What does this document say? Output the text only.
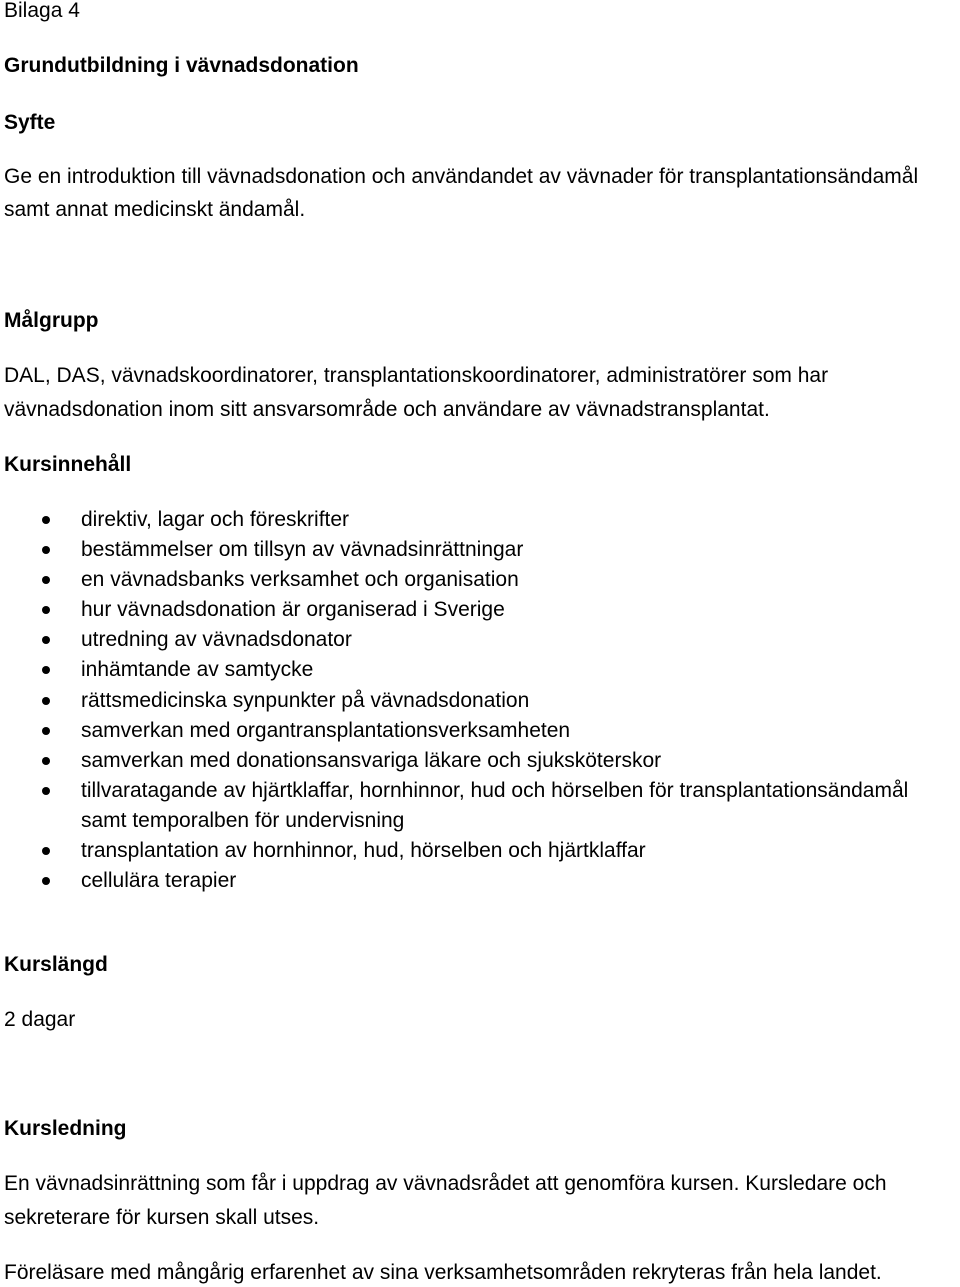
Bilaga 4
Grundutbildning i vävnadsdonation
Syfte
Ge en introduktion till vävnadsdonation och användandet av vävnader för transplantationsändamål
samt annat medicinskt ändamål.
Målgrupp
DAL, DAS, vävnadskoordinatorer, transplantationskoordinatorer, administratörer som har
vävnadsdonation inom sitt ansvarsområde och användare av vävnadstransplantat.
Kursinnehåll
direktiv, lagar och föreskrifter
bestämmelser om tillsyn av vävnadsinrättningar
en vävnadsbanks verksamhet och organisation
hur vävnadsdonation är organiserad i Sverige
utredning av vävnadsdonator
inhämtande av samtycke
rättsmedicinska synpunkter på vävnadsdonation
samverkan med organtransplantationsverksamheten
samverkan med donationsansvariga läkare och sjuksköterskor
tillvaratagande av hjärtklaffar, hornhinnor, hud och hörselben för transplantationsändamål
samt temporalben för undervisning
transplantation av hornhinnor, hud, hörselben och hjärtklaffar
cellulära terapier
Kurslängd
2 dagar
Kursledning
En vävnadsinrättning som får i uppdrag av vävnadsrådet att genomföra kursen. Kursledare och
sekreterare för kursen skall utses.
Föreläsare med mångårig erfarenhet av sina verksamhetsområden rekryteras från hela landet.
